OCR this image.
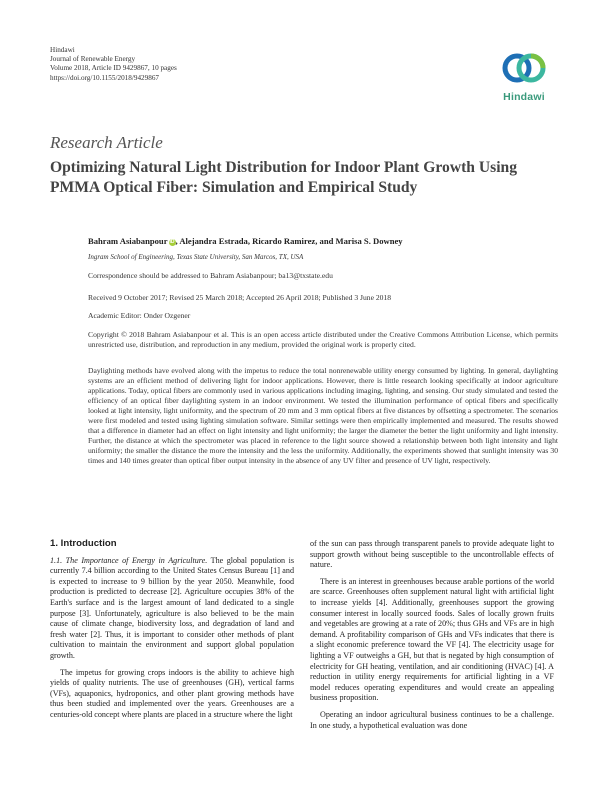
Hindawi
Journal of Renewable Energy
Volume 2018, Article ID 9429867, 10 pages
https://doi.org/10.1155/2018/9429867
Hindawi
Research Article
Optimizing Natural Light Distribution for Indoor Plant Growth Using PMMA Optical Fiber: Simulation and Empirical Study
Bahram Asiabanpour iD, Alejandra Estrada, Ricardo Ramirez, and Marisa S. Downey
Ingram School of Engineering, Texas State University, San Marcos, TX, USA
Correspondence should be addressed to Bahram Asiabanpour; ba13@txstate.edu
Received 9 October 2017; Revised 25 March 2018; Accepted 26 April 2018; Published 3 June 2018
Academic Editor: Onder Ozgener
Copyright © 2018 Bahram Asiabanpour et al. This is an open access article distributed under the Creative Commons Attribution License, which permits unrestricted use, distribution, and reproduction in any medium, provided the original work is properly cited.
Daylighting methods have evolved along with the impetus to reduce the total nonrenewable utility energy consumed by lighting. In general, daylighting systems are an efficient method of delivering light for indoor applications. However, there is little research looking specifically at indoor agriculture applications. Today, optical fibers are commonly used in various applications including imaging, lighting, and sensing. Our study simulated and tested the efficiency of an optical fiber daylighting system in an indoor environment. We tested the illumination performance of optical fibers and specifically looked at light intensity, light uniformity, and the spectrum of 20 mm and 3 mm optical fibers at five distances by offsetting a spectrometer. The scenarios were first modeled and tested using lighting simulation software. Similar settings were then empirically implemented and measured. The results showed that a difference in diameter had an effect on light intensity and light uniformity; the larger the diameter the better the light uniformity and light intensity. Further, the distance at which the spectrometer was placed in reference to the light source showed a relationship between both light intensity and light uniformity; the smaller the distance the more the intensity and the less the uniformity. Additionally, the experiments showed that sunlight intensity was 30 times and 140 times greater than optical fiber output intensity in the absence of any UV filter and presence of UV light, respectively.
1. Introduction

1.1. The Importance of Energy in Agriculture. The global population is currently 7.4 billion according to the United States Census Bureau [1] and is expected to increase to 9 billion by the year 2050. Meanwhile, food production is predicted to decrease [2]. Agriculture occupies 38% of the Earth's surface and is the largest amount of land dedicated to a single purpose [3]. Unfortunately, agriculture is also believed to be the main cause of climate change, biodiversity loss, and degradation of land and fresh water [2]. Thus, it is important to consider other methods of plant cultivation to maintain the environment and support global population growth.

The impetus for growing crops indoors is the ability to achieve high yields of quality nutrients. The use of greenhouses (GH), vertical farms (VFs), aquaponics, hydroponics, and other plant growing methods have thus been studied and implemented over the years. Greenhouses are a centuries-old concept where plants are placed in a structure where the light

of the sun can pass through transparent panels to provide adequate light to support growth without being susceptible to the uncontrollable effects of nature.

There is an interest in greenhouses because arable portions of the world are scarce. Greenhouses often supplement natural light with artificial light to increase yields [4]. Additionally, greenhouses support the growing consumer interest in locally sourced foods. Sales of locally grown fruits and vegetables are growing at a rate of 20%; thus GHs and VFs are in high demand. A profitability comparison of GHs and VFs indicates that there is a slight economic preference toward the VF [4]. The electricity usage for lighting a VF outweighs a GH, but that is negated by high consumption of electricity for GH heating, ventilation, and air conditioning (HVAC) [4]. A reduction in utility energy requirements for artificial lighting in a VF model reduces operating expenditures and would create an appealing business proposition.

Operating an indoor agricultural business continues to be a challenge. In one study, a hypothetical evaluation was done
